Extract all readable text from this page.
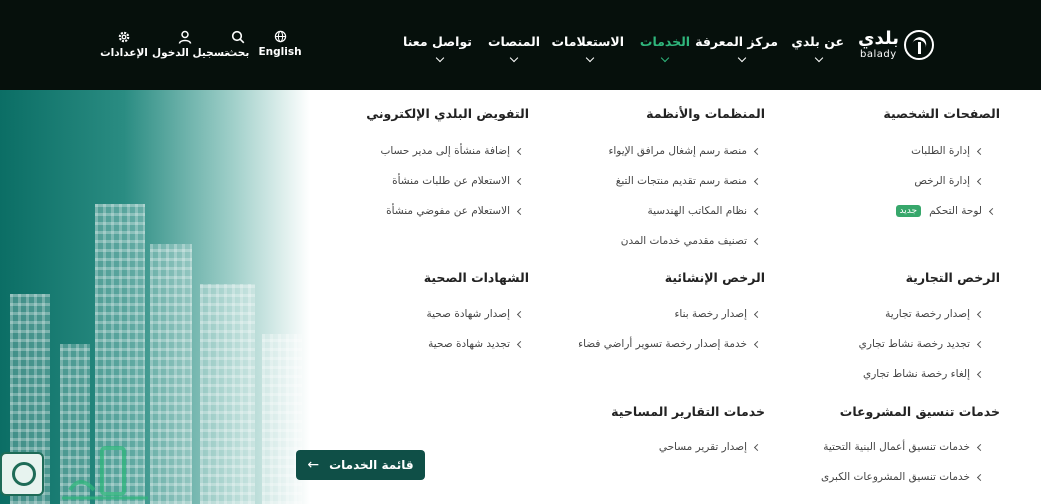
بلدي
balady
عن بلدي
مركز المعرفة
الخدمات
الاستعلامات
المنصات
تواصل معنا
English
بحث
تسجيل الدخول
الإعدادات
قائمة الخدمات
←
الصفحات الشخصية
إدارة الطلبات
إدارة الرخص
لوحة التحكم
جديد
الرخص التجارية
إصدار رخصة تجارية
تجديد رخصة نشاط تجاري
إلغاء رخصة نشاط تجاري
خدمات تنسيق المشروعات
خدمات تنسيق أعمال البنية التحتية
خدمات تنسيق المشروعات الكبرى
المنظمات والأنظمة
منصة رسم إشغال مرافق الإيواء
منصة رسم تقديم منتجات التبغ
نظام المكاتب الهندسية
تصنيف مقدمي خدمات المدن
الرخص الإنشائية
إصدار رخصة بناء
خدمة إصدار رخصة تسوير أراضي فضاء
خدمات التقارير المساحية
إصدار تقرير مساحي
التفويض البلدي الإلكتروني
إضافة منشأة إلى مدير حساب
الاستعلام عن طلبات منشأة
الاستعلام عن مفوضي منشأة
الشهادات الصحية
إصدار شهادة صحية
تجديد شهادة صحية
